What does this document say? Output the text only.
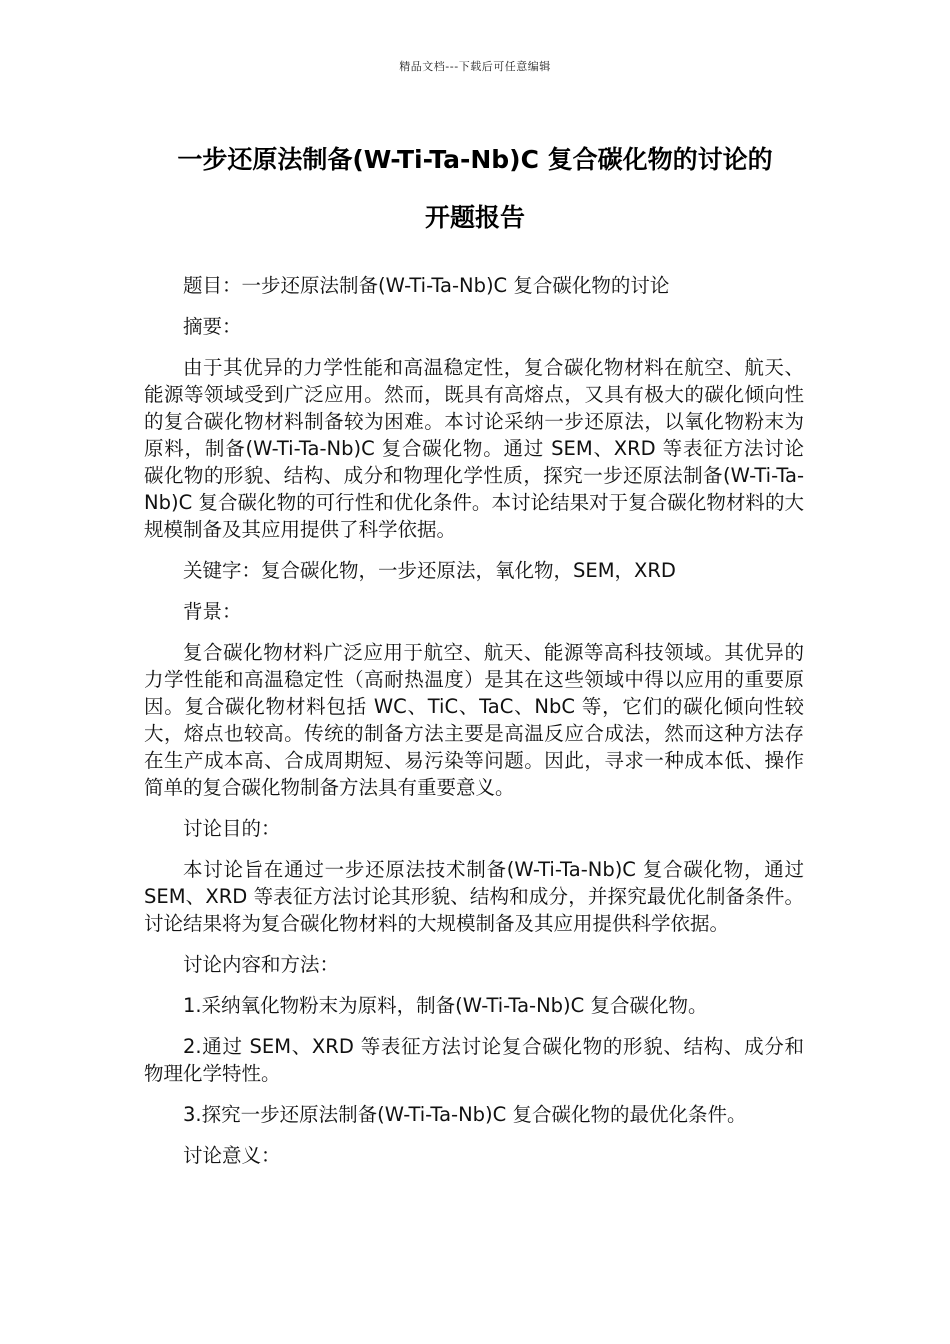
精品文档---下载后可任意编辑
一步还原法制备(W-Ti-Ta-Nb)C 复合碳化物的讨论的
开题报告

题目：一步还原法制备(W-Ti-Ta-Nb)C 复合碳化物的讨论

摘要：

由于其优异的力学性能和高温稳定性，复合碳化物材料在航空、航天、能源等领域受到广泛应用。然而，既具有高熔点，又具有极大的碳化倾向性的复合碳化物材料制备较为困难。本讨论采纳一步还原法，以氧化物粉末为原料，制备(W-Ti-Ta-Nb)C 复合碳化物。通过 SEM、XRD 等表征方法讨论碳化物的形貌、结构、成分和物理化学性质，探究一步还原法制备(W-Ti-Ta-Nb)C 复合碳化物的可行性和优化条件。本讨论结果对于复合碳化物材料的大规模制备及其应用提供了科学依据。

关键字：复合碳化物，一步还原法，氧化物，SEM，XRD

背景：

复合碳化物材料广泛应用于航空、航天、能源等高科技领域。其优异的力学性能和高温稳定性（高耐热温度）是其在这些领域中得以应用的重要原因。复合碳化物材料包括 WC、TiC、TaC、NbC 等，它们的碳化倾向性较大，熔点也较高。传统的制备方法主要是高温反应合成法，然而这种方法存在生产成本高、合成周期短、易污染等问题。因此，寻求一种成本低、操作简单的复合碳化物制备方法具有重要意义。

讨论目的：

本讨论旨在通过一步还原法技术制备(W-Ti-Ta-Nb)C 复合碳化物，通过 SEM、XRD 等表征方法讨论其形貌、结构和成分，并探究最优化制备条件。讨论结果将为复合碳化物材料的大规模制备及其应用提供科学依据。

讨论内容和方法：

1.采纳氧化物粉末为原料，制备(W-Ti-Ta-Nb)C 复合碳化物。

2.通过 SEM、XRD 等表征方法讨论复合碳化物的形貌、结构、成分和物理化学特性。

3.探究一步还原法制备(W-Ti-Ta-Nb)C 复合碳化物的最优化条件。

讨论意义：
